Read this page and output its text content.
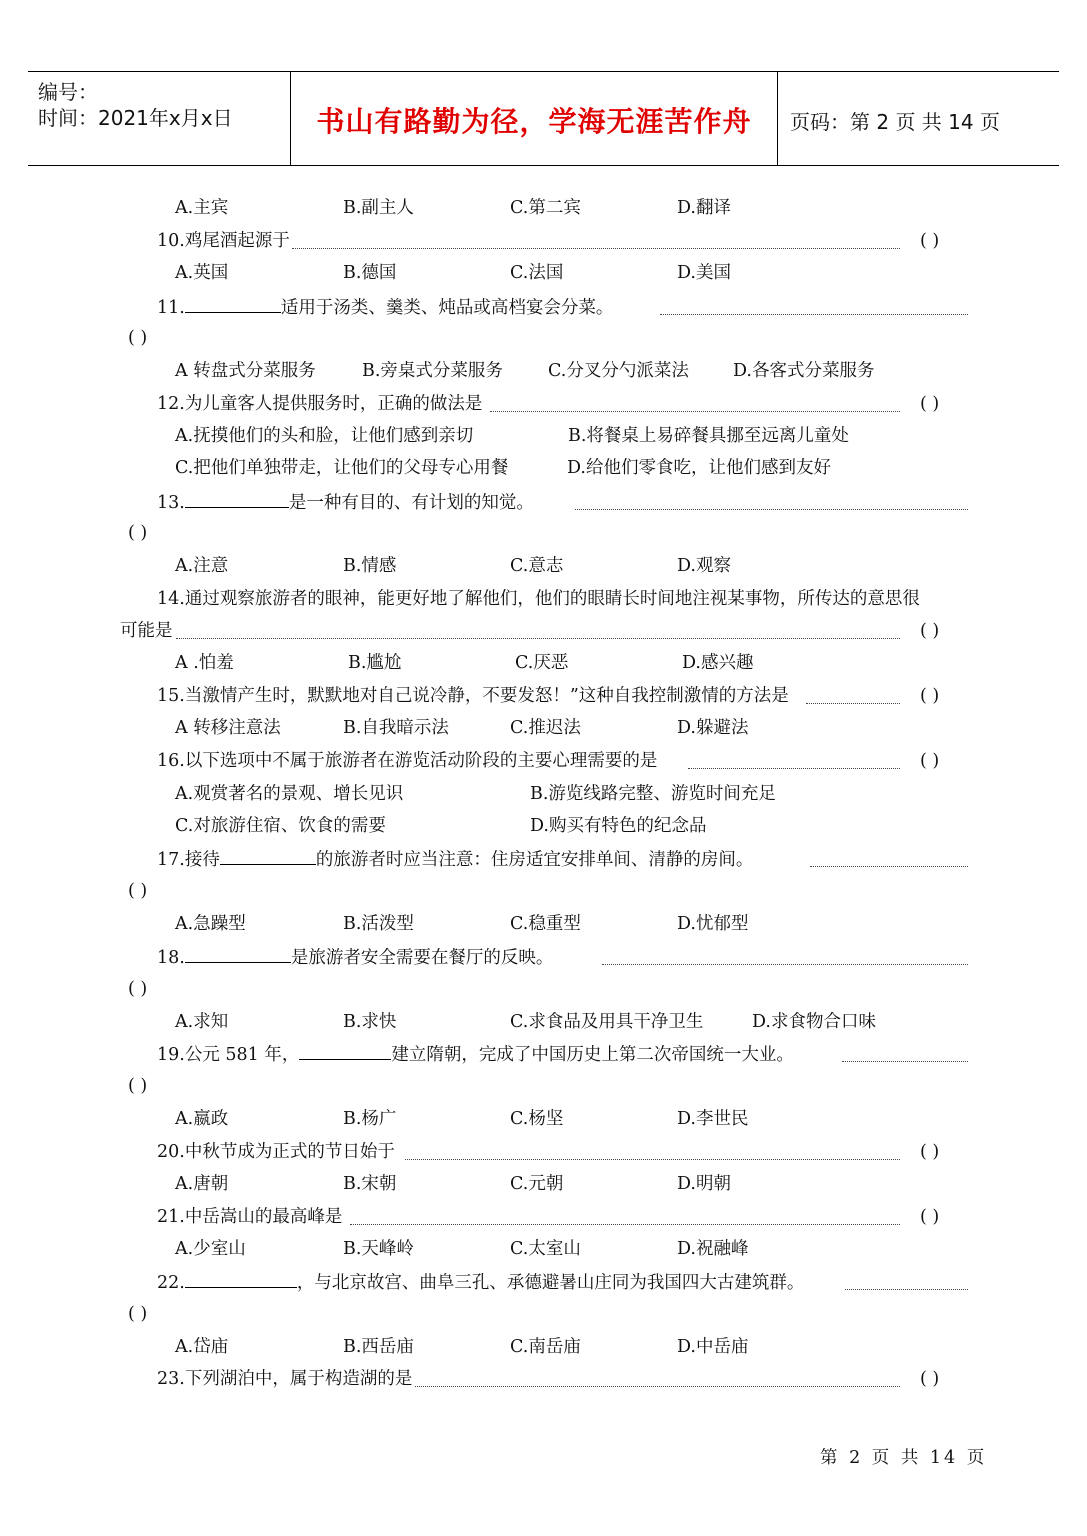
编号：
时间：2021年x月x日	书山有路勤为径，学海无涯苦作舟	页码：第 2 页 共 14 页
A.主宾	B.副主人	C.第二宾	D.翻译
10.鸡尾酒起源于	( )
A.英国	B.德国	C.法国	D.美国
11.	适用于汤类、羹类、炖品或高档宴会分菜。
( )
A 转盘式分菜服务	B.旁桌式分菜服务	C.分叉分勺派菜法	D.各客式分菜服务
12.为儿童客人提供服务时，正确的做法是	( )
A.抚摸他们的头和脸，让他们感到亲切	B.将餐桌上易碎餐具挪至远离儿童处
C.把他们单独带走，让他们的父母专心用餐	D.给他们零食吃，让他们感到友好
13.	是一种有目的、有计划的知觉。
( )
A.注意	B.情感	C.意志	D.观察
14.通过观察旅游者的眼神，能更好地了解他们，他们的眼睛长时间地注视某事物，所传达的意思很
可能是	( )
A .怕羞	B.尴尬	C.厌恶	D.感兴趣
15.当激情产生时，默默地对自己说冷静，不要发怒！”这种自我控制激情的方法是	( )
A 转移注意法	B.自我暗示法	C.推迟法	D.躲避法
16.以下选项中不属于旅游者在游览活动阶段的主要心理需要的是	( )
A.观赏著名的景观、增长见识	B.游览线路完整、游览时间充足
C.对旅游住宿、饮食的需要	D.购买有特色的纪念品
17.接待	的旅游者时应当注意：住房适宜安排单间、清静的房间。
( )
A.急躁型	B.活泼型	C.稳重型	D.忧郁型
18.	是旅游者安全需要在餐厅的反映。
( )
A.求知	B.求快	C.求食品及用具干净卫生	D.求食物合口味
19.公元 581 年，	建立隋朝，完成了中国历史上第二次帝国统一大业。
( )
A.嬴政	B.杨广	C.杨坚	D.李世民
20.中秋节成为正式的节日始于	( )
A.唐朝	B.宋朝	C.元朝	D.明朝
21.中岳嵩山的最高峰是	( )
A.少室山	B.天峰岭	C.太室山	D.祝融峰
22.	，与北京故宫、曲阜三孔、承德避暑山庄同为我国四大古建筑群。
( )
A.岱庙	B.西岳庙	C.南岳庙	D.中岳庙
23.下列湖泊中，属于构造湖的是	( )
第 2 页 共 14 页
